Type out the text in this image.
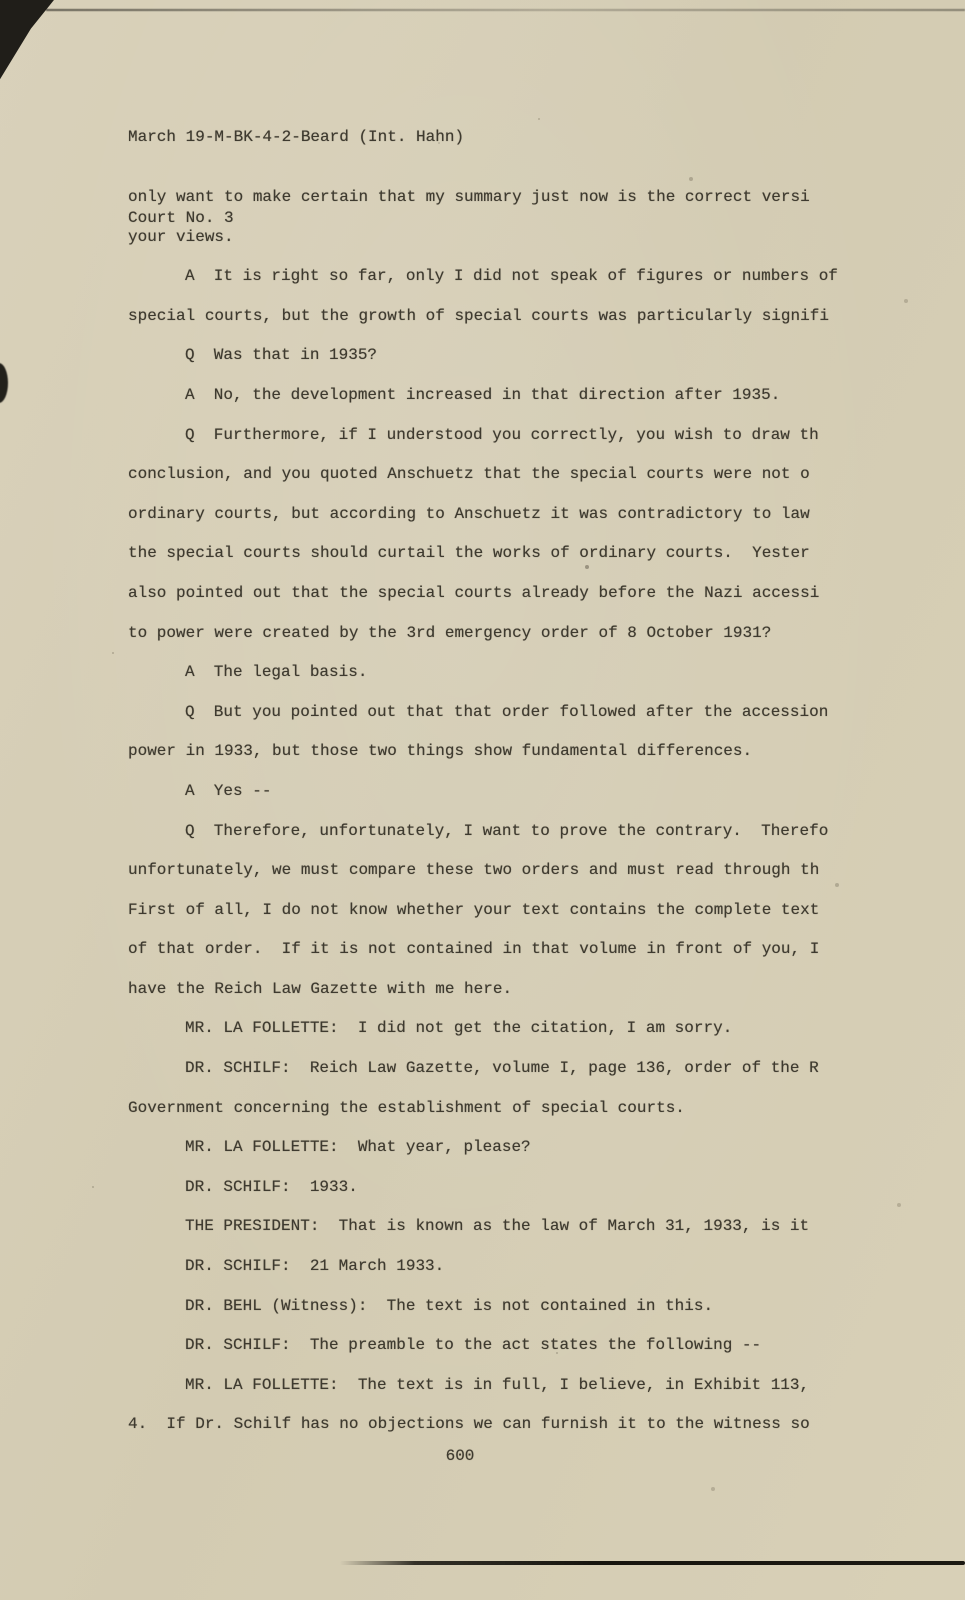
March 19-M-BK-4-2-Beard (Int. Hahn)

Court No. 3

only want to make certain that my summary just now is the correct versi
your views.
A  It is right so far, only I did not speak of figures or numbers of
special courts, but the growth of special courts was particularly signifi
Q  Was that in 1935?
A  No, the development increased in that direction after 1935.
Q  Furthermore, if I understood you correctly, you wish to draw th
conclusion, and you quoted Anschuetz that the special courts were not o
ordinary courts, but according to Anschuetz it was contradictory to law
the special courts should curtail the works of ordinary courts.  Yester
also pointed out that the special courts already before the Nazi accessi
to power were created by the 3rd emergency order of 8 October 1931?
A  The legal basis.
Q  But you pointed out that that order followed after the accession
power in 1933, but those two things show fundamental differences.
A  Yes --
Q  Therefore, unfortunately, I want to prove the contrary.  Therefo
unfortunately, we must compare these two orders and must read through th
First of all, I do not know whether your text contains the complete text
of that order.  If it is not contained in that volume in front of you, I
have the Reich Law Gazette with me here.
MR. LA FOLLETTE:  I did not get the citation, I am sorry.
DR. SCHILF:  Reich Law Gazette, volume I, page 136, order of the R
Government concerning the establishment of special courts.
MR. LA FOLLETTE:  What year, please?
DR. SCHILF:  1933.
THE PRESIDENT:  That is known as the law of March 31, 1933, is it
DR. SCHILF:  21 March 1933.
DR. BEHL (Witness):  The text is not contained in this.
DR. SCHILF:  The preamble to the act states the following --
MR. LA FOLLETTE:  The text is in full, I believe, in Exhibit 113,
4.  If Dr. Schilf has no objections we can furnish it to the witness so
600
